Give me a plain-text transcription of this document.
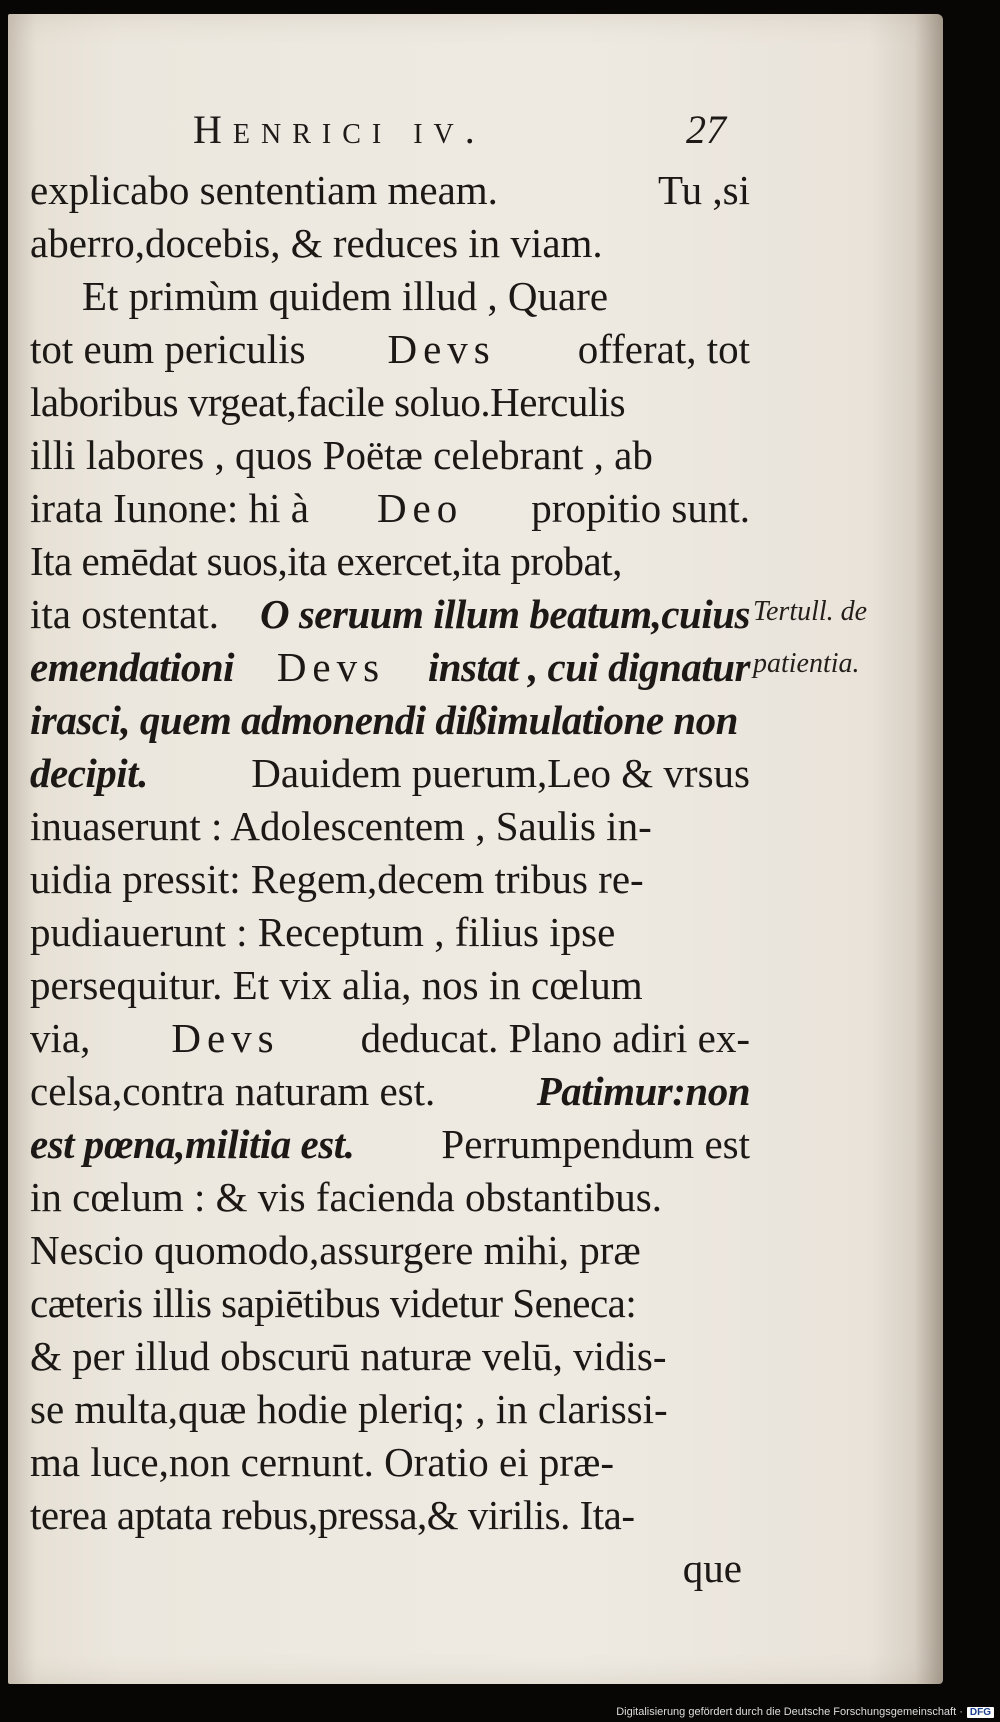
Henrici iv.	27
explicabo sententiam meam.	Tu ,si
aberro,docebis, & reduces in viam.
Et primùm quidem illud , Quare
tot eum periculis Devs offerat, tot
laboribus vrgeat,facile soluo.Herculis
illi labores , quos Poëtæ celebrant , ab
irata Iunone: hi à Deo propitio sunt.
Ita emēdat suos,ita exercet,ita probat,
ita ostentat. O seruum illum beatum,cuius
emendationi Devs instat , cui dignatur
irasci, quem admonendi dißimulatione non
decipit.	Dauidem puerum,Leo & vrsus
inuaserunt : Adolescentem , Saulis in-
uidia pressit: Regem,decem tribus re-
pudiauerunt : Receptum , filius ipse
persequitur. Et vix alia, nos in cœlum
via, Devs deducat. Plano adiri ex-
celsa,contra naturam est. Patimur:non
est pœna,militia est. Perrumpendum est
in cœlum : & vis facienda obstantibus.
Nescio quomodo,assurgere mihi, præ
cæteris illis sapiētibus videtur Seneca:
& per illud obscurū naturæ velū, vidis-
se multa,quæ hodie pleriq; , in clarissi-
ma luce,non cernunt. Oratio ei præ-
terea aptata rebus,pressa,& virilis. Ita-
que
Tertull. de
patientia.
Digitalisierung gefördert durch die Deutsche Forschungsgemeinschaft · DFG
